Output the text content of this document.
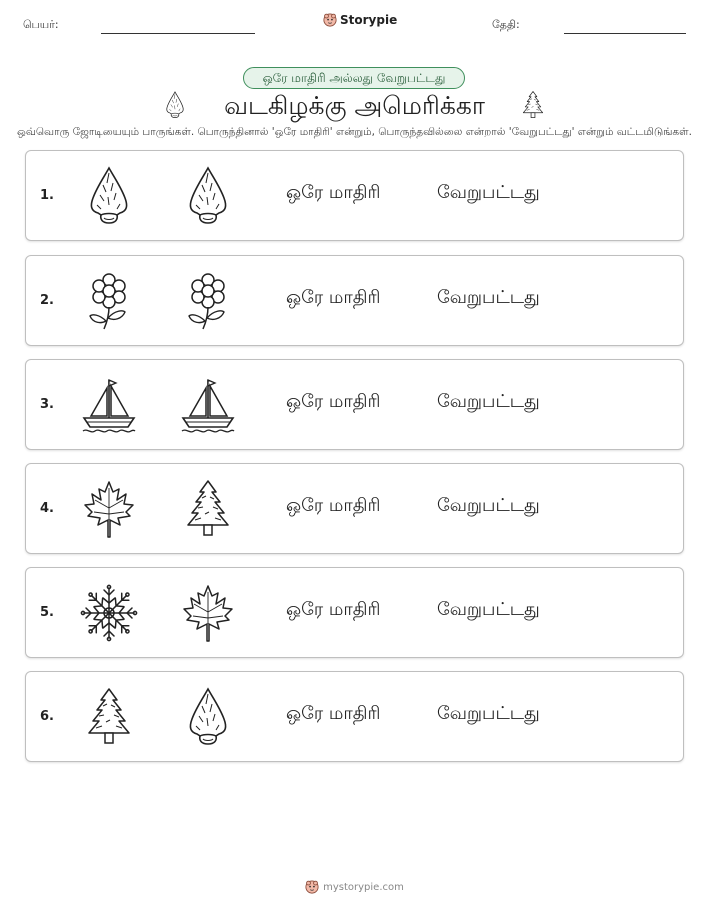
பெயர்:	Storypie	தேதி:
ஒரே மாதிரி அல்லது வேறுபட்டது
வடகிழக்கு அமெரிக்கா
ஒவ்வொரு ஜோடியையும் பாருங்கள். பொருந்தினால் 'ஒரே மாதிரி' என்றும், பொருந்தவில்லை என்றால் 'வேறுபட்டது' என்றும் வட்டமிடுங்கள்.
1.	ஒரே மாதிரி	வேறுபட்டது
2.	ஒரே மாதிரி	வேறுபட்டது
3.	ஒரே மாதிரி	வேறுபட்டது
4.	ஒரே மாதிரி	வேறுபட்டது
5.	ஒரே மாதிரி	வேறுபட்டது
6.	ஒரே மாதிரி	வேறுபட்டது
mystorypie.com
